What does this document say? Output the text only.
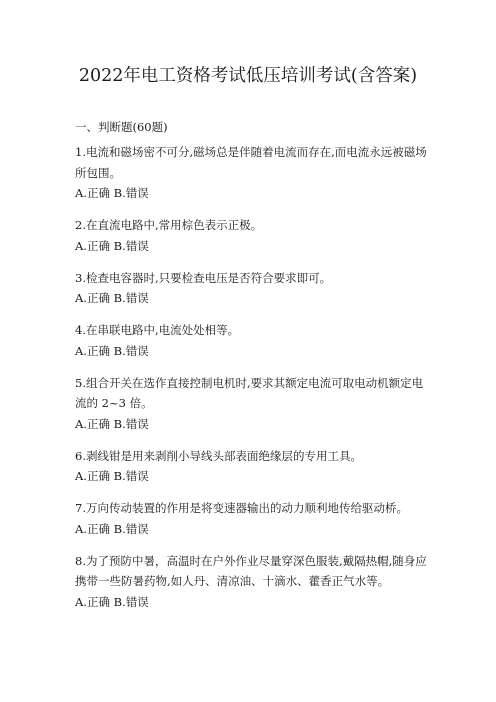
2022年电工资格考试低压培训考试(含答案)

一、判断题(60题)

1.电流和磁场密不可分,磁场总是伴随着电流而存在,而电流永远被磁场所包围。

A.正确 B.错误

2.在直流电路中,常用棕色表示正极。

A.正确 B.错误

3.检查电容器时,只要检查电压是否符合要求即可。

A.正确 B.错误

4.在串联电路中,电流处处相等。

A.正确 B.错误

5.组合开关在选作直接控制电机时,要求其额定电流可取电动机额定电流的 2~3 倍。

A.正确 B.错误

6.剥线钳是用来剥削小导线头部表面绝缘层的专用工具。

A.正确 B.错误

7.万向传动装置的作用是将变速器输出的动力顺利地传给驱动桥。

A.正确 B.错误

8.为了预防中暑，高温时在户外作业尽量穿深色服装,戴隔热帽,随身应携带一些防暑药物,如人丹、清凉油、十滴水、藿香正气水等。

A.正确 B.错误
